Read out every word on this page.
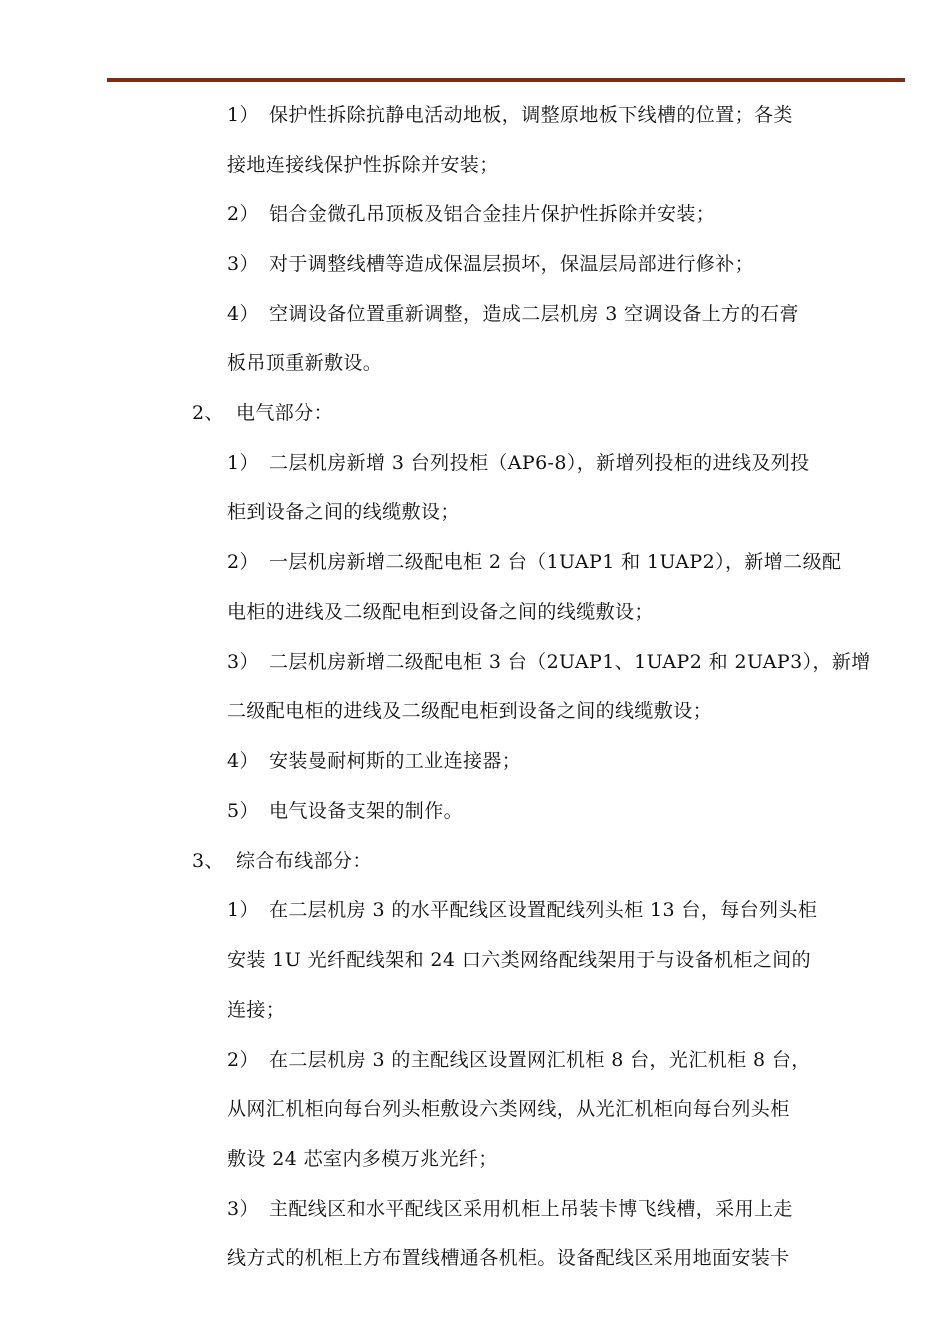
1） 保护性拆除抗静电活动地板，调整原地板下线槽的位置；各类
接地连接线保护性拆除并安装；
2） 铝合金微孔吊顶板及铝合金挂片保护性拆除并安装；
3） 对于调整线槽等造成保温层损坏，保温层局部进行修补；
4） 空调设备位置重新调整，造成二层机房 3 空调设备上方的石膏
板吊顶重新敷设。
2、 电气部分：
1） 二层机房新增 3 台列投柜（AP6-8），新增列投柜的进线及列投
柜到设备之间的线缆敷设；
2） 一层机房新增二级配电柜 2 台（1UAP1 和 1UAP2），新增二级配
电柜的进线及二级配电柜到设备之间的线缆敷设；
3） 二层机房新增二级配电柜 3 台（2UAP1、1UAP2 和 2UAP3），新增
二级配电柜的进线及二级配电柜到设备之间的线缆敷设；
4） 安装曼耐柯斯的工业连接器；
5） 电气设备支架的制作。
3、 综合布线部分：
1） 在二层机房 3 的水平配线区设置配线列头柜 13 台，每台列头柜
安装 1U 光纤配线架和 24 口六类网络配线架用于与设备机柜之间的
连接；
2） 在二层机房 3 的主配线区设置网汇机柜 8 台，光汇机柜 8 台，
从网汇机柜向每台列头柜敷设六类网线，从光汇机柜向每台列头柜
敷设 24 芯室内多模万兆光纤；
3） 主配线区和水平配线区采用机柜上吊装卡博飞线槽，采用上走
线方式的机柜上方布置线槽通各机柜。设备配线区采用地面安装卡
